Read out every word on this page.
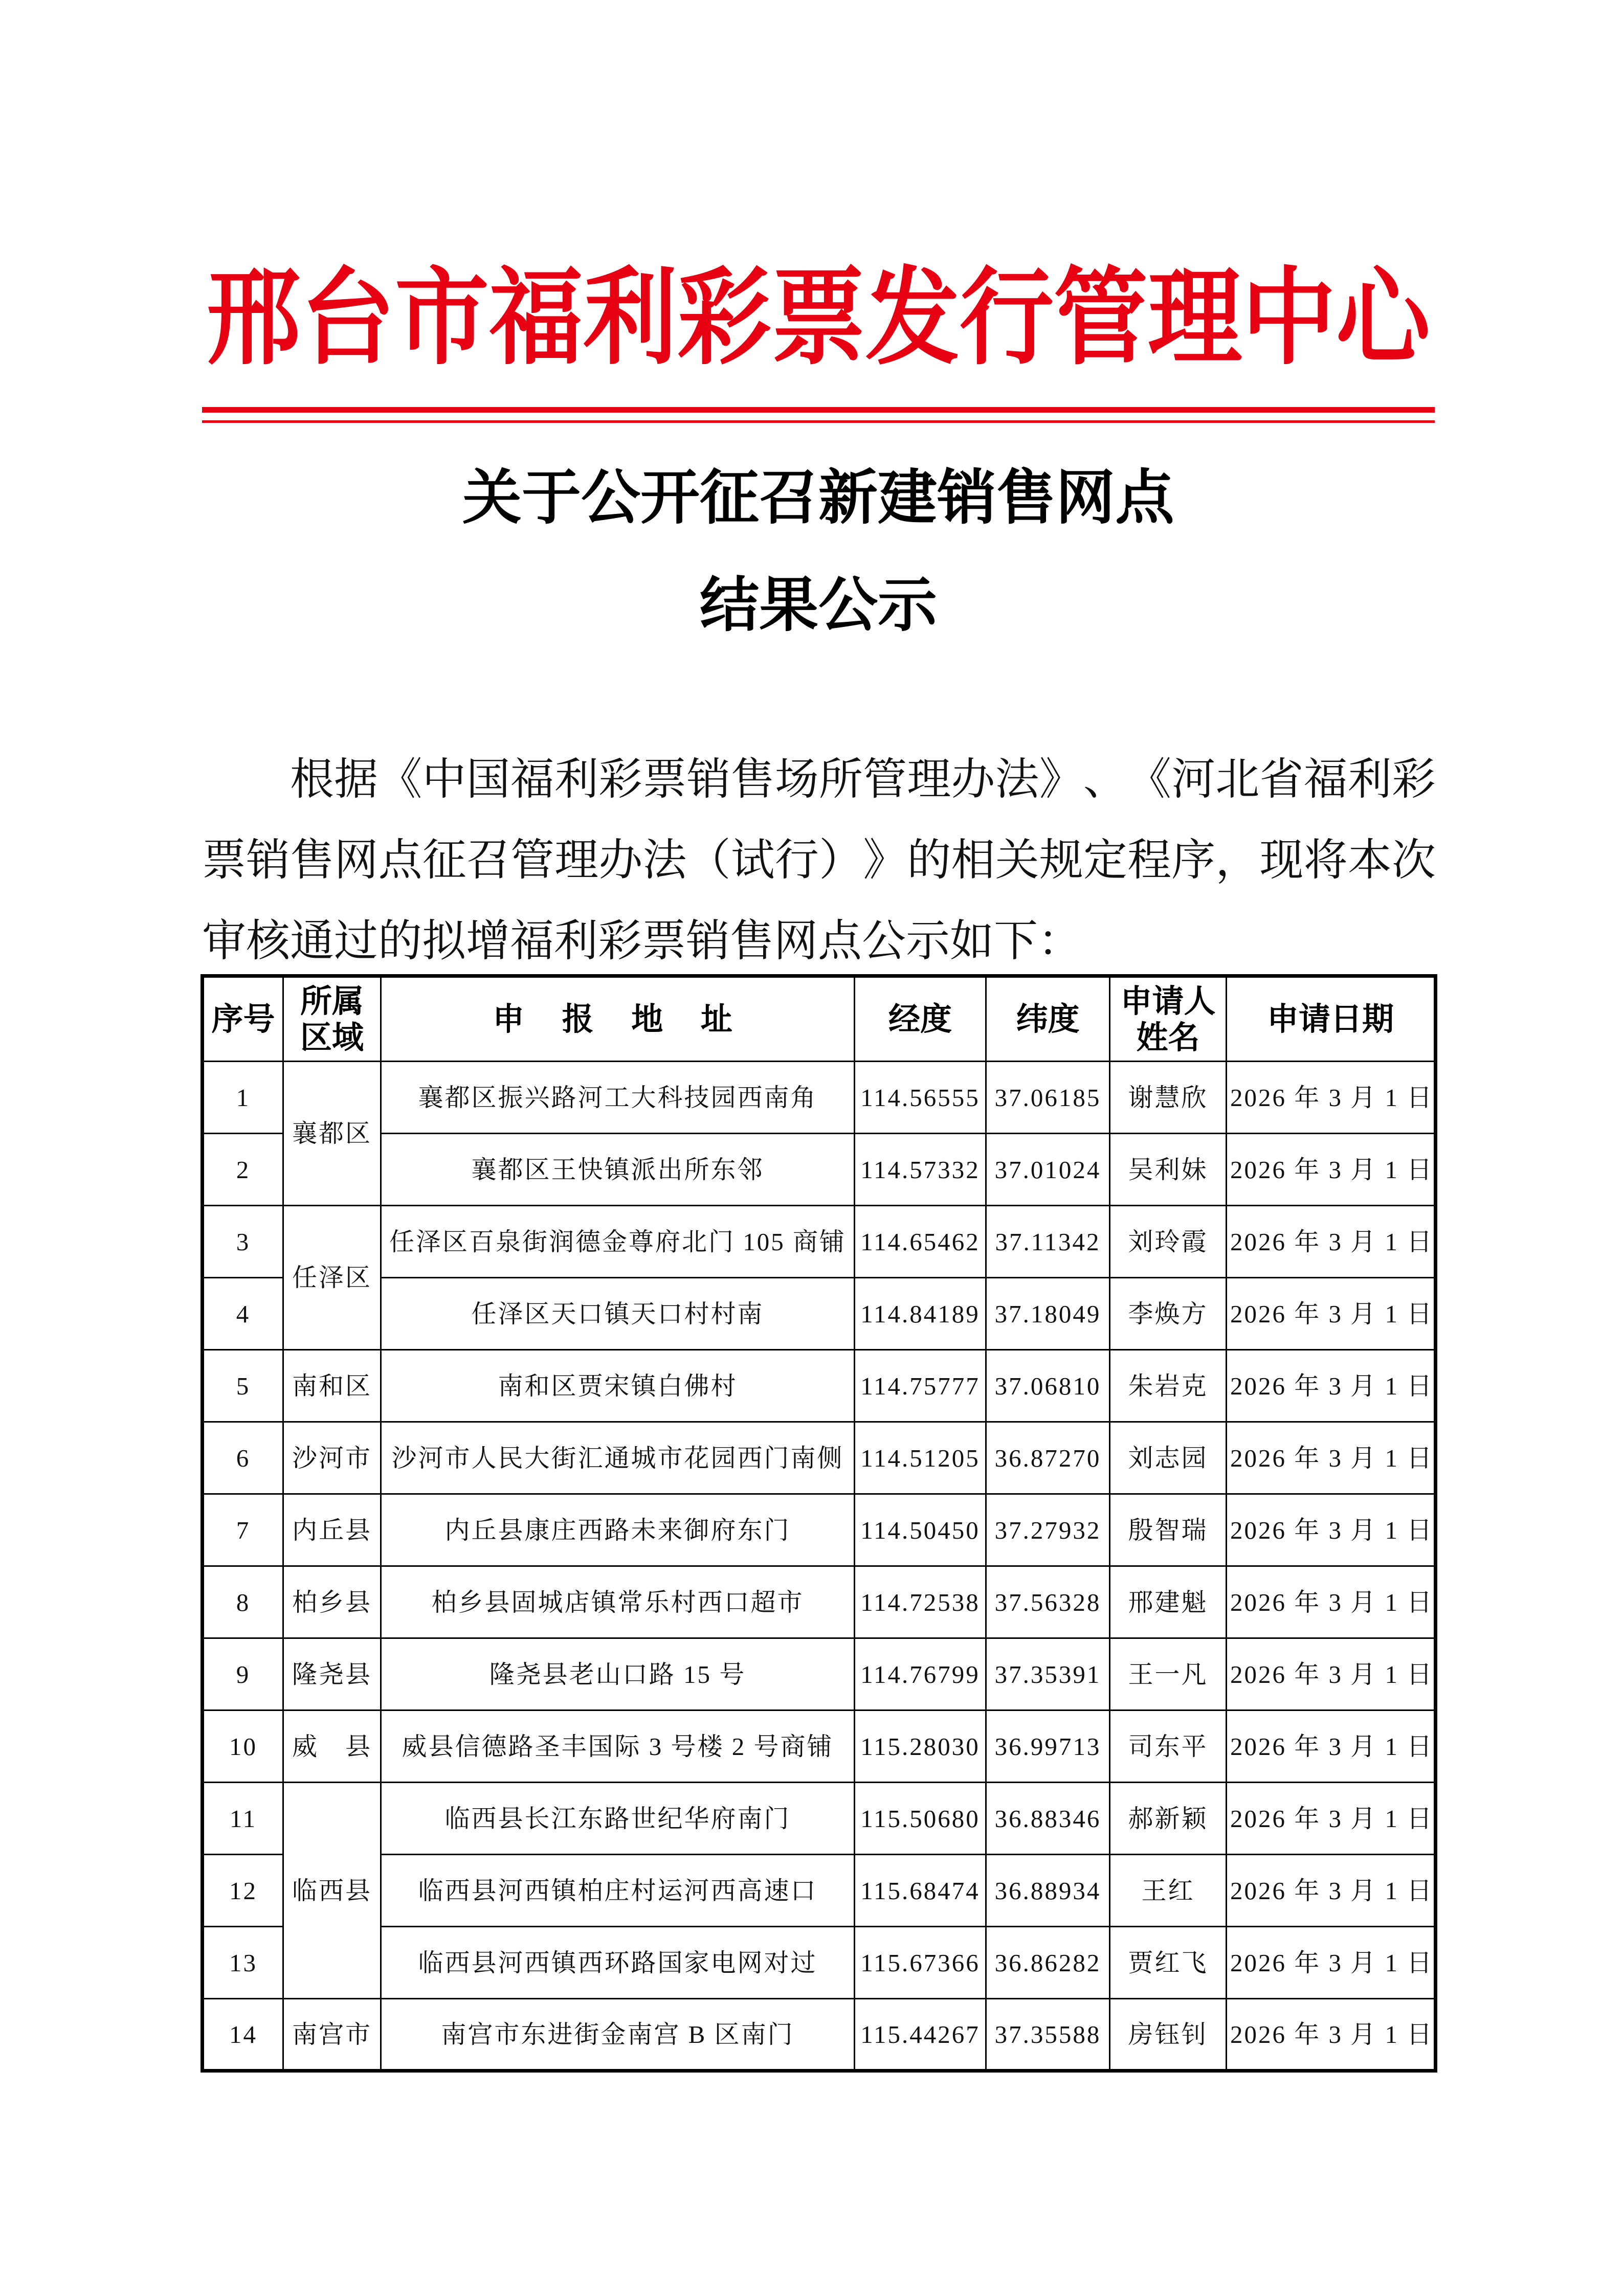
邢台市福利彩票发行管理中心
关于公开征召新建销售网点
结果公示
根据《中国福利彩票销售场所管理办法》、《河北省福利彩
票销售网点征召管理办法（试行）》的相关规定程序，现将本次
审核通过的拟增福利彩票销售网点公示如下：
序号	所属区域	申 报 地 址	经度	纬度	申请人姓名	申请日期
1	襄都区	襄都区振兴路河工大科技园西南角	114.56555	37.06185	谢慧欣	2026 年 3 月 1 日
2		襄都区王快镇派出所东邻	114.57332	37.01024	吴利妹	2026 年 3 月 1 日
3	任泽区	任泽区百泉街润德金尊府北门 105 商铺	114.65462	37.11342	刘玲霞	2026 年 3 月 1 日
4		任泽区天口镇天口村村南	114.84189	37.18049	李焕方	2026 年 3 月 1 日
5	南和区	南和区贾宋镇白佛村	114.75777	37.06810	朱岩克	2026 年 3 月 1 日
6	沙河市	沙河市人民大街汇通城市花园西门南侧	114.51205	36.87270	刘志园	2026 年 3 月 1 日
7	内丘县	内丘县康庄西路未来御府东门	114.50450	37.27932	殷智瑞	2026 年 3 月 1 日
8	柏乡县	柏乡县固城店镇常乐村西口超市	114.72538	37.56328	邢建魁	2026 年 3 月 1 日
9	隆尧县	隆尧县老山口路 15 号	114.76799	37.35391	王一凡	2026 年 3 月 1 日
10	威　县	威县信德路圣丰国际 3 号楼 2 号商铺	115.28030	36.99713	司东平	2026 年 3 月 1 日
11	临西县	临西县长江东路世纪华府南门	115.50680	36.88346	郝新颖	2026 年 3 月 1 日
12		临西县河西镇柏庄村运河西高速口	115.68474	36.88934	王红	2026 年 3 月 1 日
13		临西县河西镇西环路国家电网对过	115.67366	36.86282	贾红飞	2026 年 3 月 1 日
14	南宫市	南宫市东进街金南宫 B 区南门	115.44267	37.35588	房钰钊	2026 年 3 月 1 日
